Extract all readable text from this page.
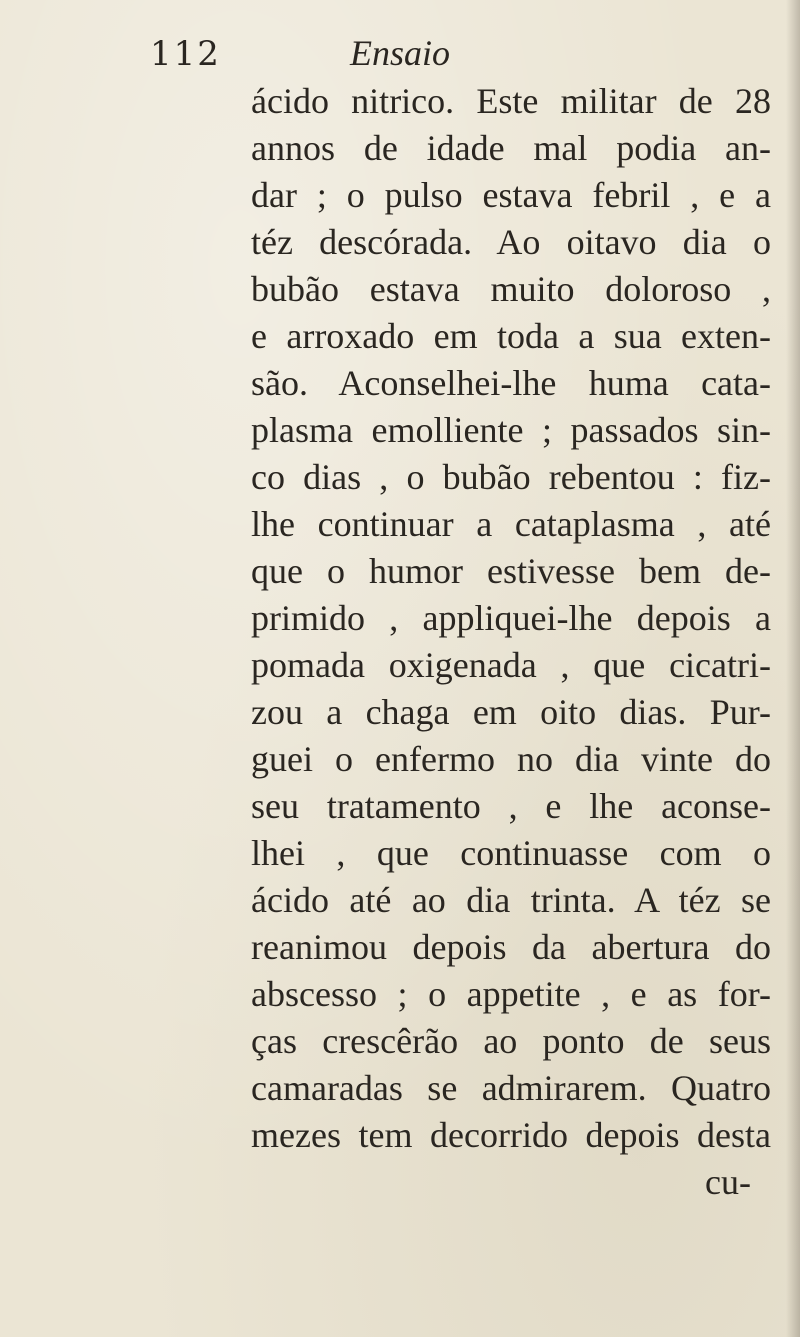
112	Ensaio
ácido nitrico. Este militar de 28
annos de idade mal podia an-
dar ; o pulso estava febril , e a
téz descórada. Ao oitavo dia o
bubão estava muito doloroso ,
e arroxado em toda a sua exten-
são. Aconselhei-lhe huma cata-
plasma emolliente ; passados sin-
co dias , o bubão rebentou : fiz-
lhe continuar a cataplasma , até
que o humor estivesse bem de-
primido , appliquei-lhe depois a
pomada oxigenada , que cicatri-
zou a chaga em oito dias. Pur-
guei o enfermo no dia vinte do
seu tratamento , e lhe aconse-
lhei , que continuasse com o
ácido até ao dia trinta. A téz se
reanimou depois da abertura do
abscesso ; o appetite , e as for-
ças crescêrão ao ponto de seus
camaradas se admirarem. Quatro
mezes tem decorrido depois desta
cu-
